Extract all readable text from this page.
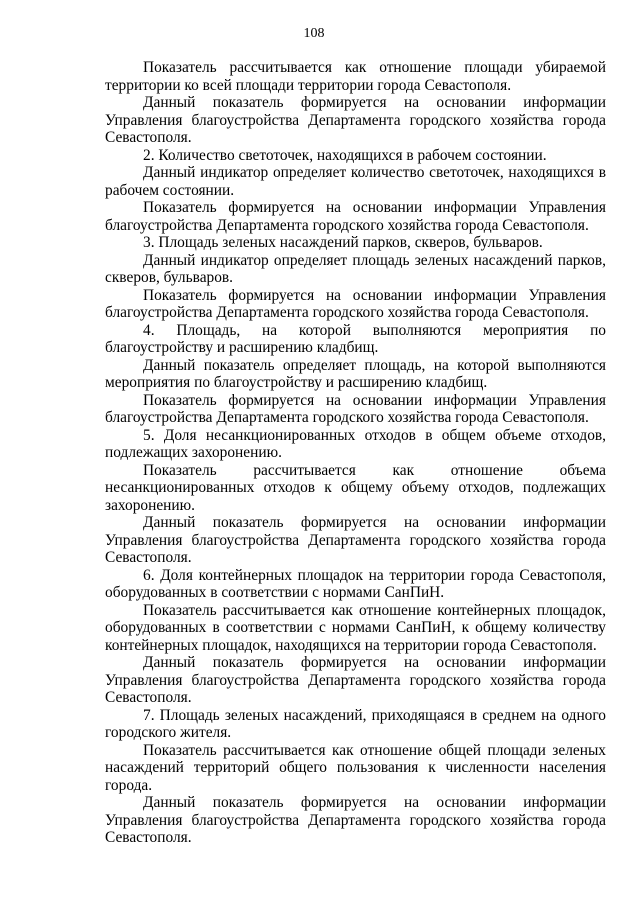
108

Показатель рассчитывается как отношение площади убираемой территории ко всей площади территории города Севастополя.

Данный показатель формируется на основании информации Управления благоустройства Департамента городского хозяйства города Севастополя.

2. Количество светоточек, находящихся в рабочем состоянии.

Данный индикатор определяет количество светоточек, находящихся в рабочем состоянии.

Показатель формируется на основании информации Управления благоустройства Департамента городского хозяйства города Севастополя.

3. Площадь зеленых насаждений парков, скверов, бульваров.

Данный индикатор определяет площадь зеленых насаждений парков, скверов, бульваров.

Показатель формируется на основании информации Управления благоустройства Департамента городского хозяйства города Севастополя.

4. Площадь, на которой выполняются мероприятия по благоустройству и расширению кладбищ.

Данный показатель определяет площадь, на которой выполняются мероприятия по благоустройству и расширению кладбищ.

Показатель формируется на основании информации Управления благоустройства Департамента городского хозяйства города Севастополя.

5. Доля несанкционированных отходов в общем объеме отходов, подлежащих захоронению.

Показатель рассчитывается как отношение объема несанкционированных отходов к общему объему отходов, подлежащих захоронению.

Данный показатель формируется на основании информации Управления благоустройства Департамента городского хозяйства города Севастополя.

6. Доля контейнерных площадок на территории города Севастополя, оборудованных в соответствии с нормами СанПиН.

Показатель рассчитывается как отношение контейнерных площадок, оборудованных в соответствии с нормами СанПиН, к общему количеству контейнерных площадок, находящихся на территории города Севастополя.

Данный показатель формируется на основании информации Управления благоустройства Департамента городского хозяйства города Севастополя.

7. Площадь зеленых насаждений, приходящаяся в среднем на одного городского жителя.

Показатель рассчитывается как отношение общей площади зеленых насаждений территорий общего пользования к численности населения города.

Данный показатель формируется на основании информации Управления благоустройства Департамента городского хозяйства города Севастополя.
